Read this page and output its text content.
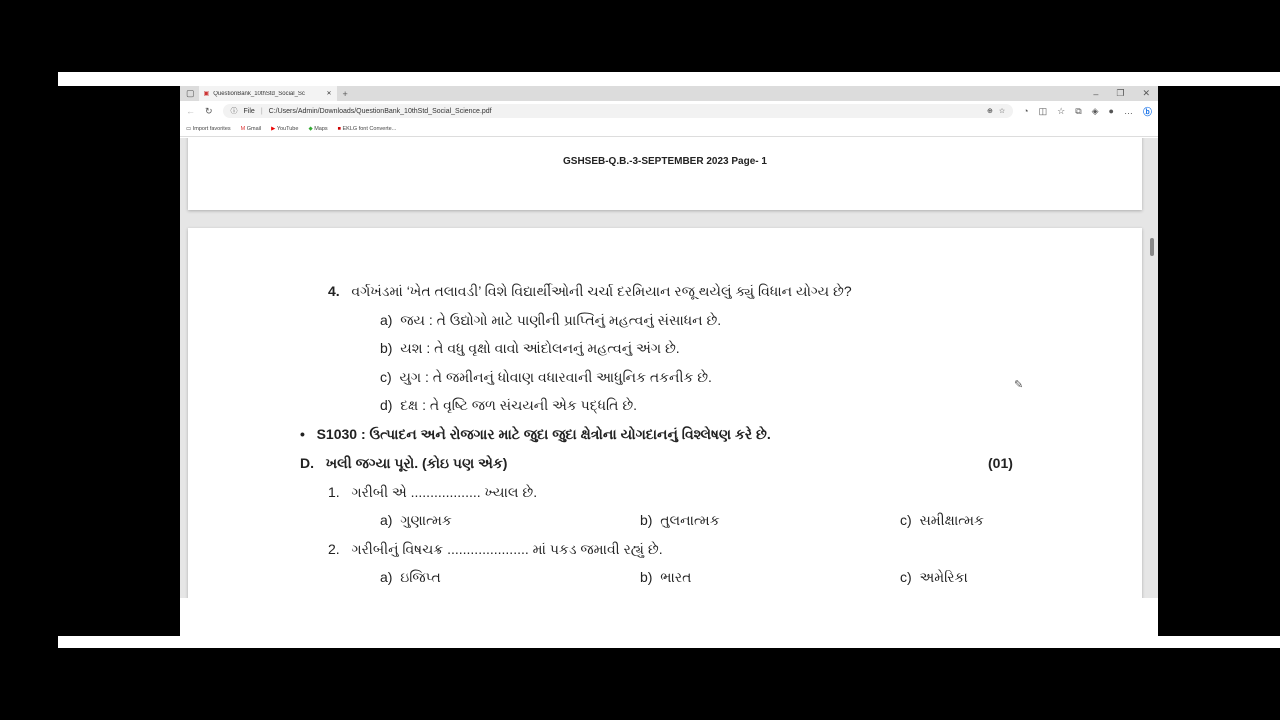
▢ ▣ QuestionBank_10thStd_Social_Sc	✕ +	– ❐ ✕
← ↻	ⓘ File | C:/Users/Admin/Downloads/QuestionBank_10thStd_Social_Science.pdf	⊕ ☆ ◔ ◫ ☆ ⧉ ◈ ● … ⓑ
▭ Import favorites M Gmail ▶ YouTube ◆ Maps ■ EKLG font Converte...
GSHSEB-Q.B.-3-SEPTEMBER 2023 Page- 1
4. વર્ગખંડમાં ‘ખેત તલાવડી’ વિશે વિદ્યાર્થીઓની ચર્ચા દરમિયાન રજૂ થયેલું ક્યું વિધાન યોગ્ય છે?
a) જય : તે ઉદ્યોગો માટે પાણીની પ્રાપ્તિનું મહત્વનું સંસાધન છે.
b) યશ : તે વધુ વૃક્ષો વાવો આંદોલનનું મહત્વનું અંગ છે.
c) યુગ : તે જમીનનું ધોવાણ વધારવાની આધુનિક તકનીક છે.
d) દક્ષ : તે વૃષ્ટિ જળ સંચયની એક પદ્ધતિ છે.
• S1030 : ઉત્પાદન અને રોજગાર માટે જુદા જુદા ક્ષેત્રોના યોગદાનનું વિશ્લેષણ કરે છે.
D. ખલી જગ્યા પૂરો. (કોઇ પણ એક)	(01)
1. ગરીબી એ .................. ખ્યાલ છે.
a) ગુણાત્મક	b) તુલનાત્મક	c) સમીક્ષાત્મક
2. ગરીબીનું વિષચક્ર ..................... માં પકડ જમાવી રહ્યું છે.
a) ઇજિપ્ત	b) ભારત	c) અમેરિકા
✎
